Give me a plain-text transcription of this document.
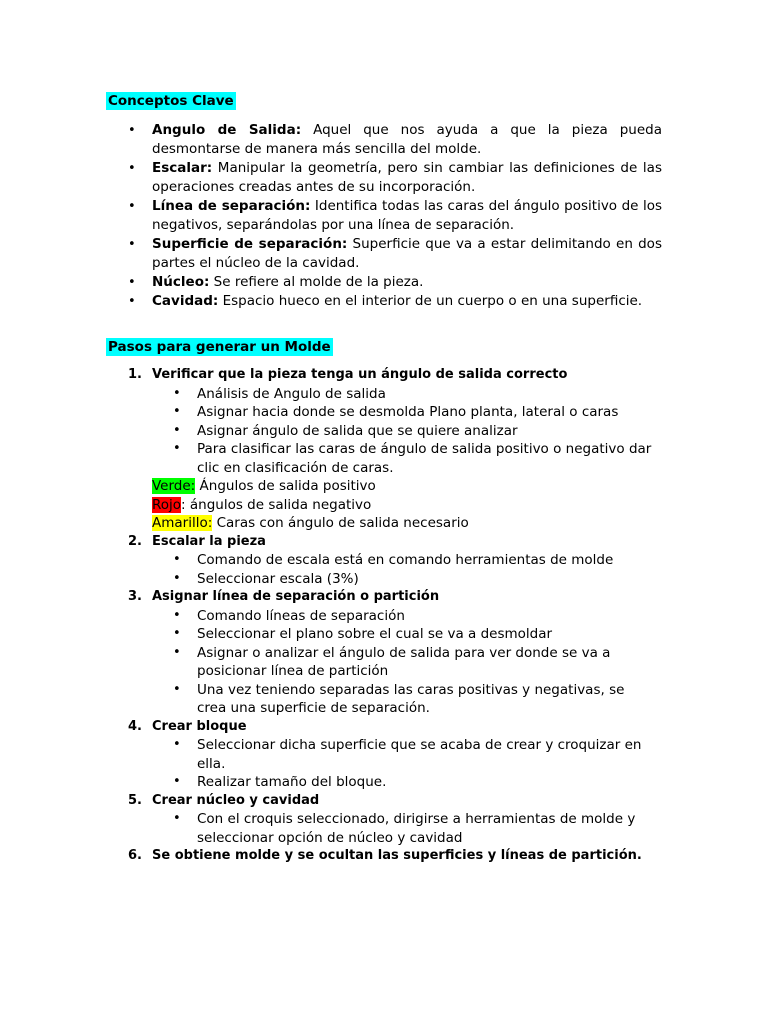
Conceptos Clave
• Angulo de Salida: Aquel que nos ayuda a que la pieza pueda desmontarse de manera más sencilla del molde.
• Escalar: Manipular la geometría, pero sin cambiar las definiciones de las operaciones creadas antes de su incorporación.
• Línea de separación: Identifica todas las caras del ángulo positivo de los negativos, separándolas por una línea de separación.
• Superficie de separación: Superficie que va a estar delimitando en dos partes el núcleo de la cavidad.
• Núcleo: Se refiere al molde de la pieza.
• Cavidad: Espacio hueco en el interior de un cuerpo o en una superficie.
Pasos para generar un Molde
1. Verificar que la pieza tenga un ángulo de salida correcto
• Análisis de Angulo de salida
• Asignar hacia donde se desmolda Plano planta, lateral o caras
• Asignar ángulo de salida que se quiere analizar
• Para clasificar las caras de ángulo de salida positivo o negativo dar clic en clasificación de caras.
Verde: Ángulos de salida positivo
Rojo: ángulos de salida negativo
Amarillo: Caras con ángulo de salida necesario
2. Escalar la pieza
• Comando de escala está en comando herramientas de molde
• Seleccionar escala (3%)
3. Asignar línea de separación o partición
• Comando líneas de separación
• Seleccionar el plano sobre el cual se va a desmoldar
• Asignar o analizar el ángulo de salida para ver donde se va a posicionar línea de partición
• Una vez teniendo separadas las caras positivas y negativas, se crea una superficie de separación.
4. Crear bloque
• Seleccionar dicha superficie que se acaba de crear y croquizar en ella.
• Realizar tamaño del bloque.
5. Crear núcleo y cavidad
• Con el croquis seleccionado, dirigirse a herramientas de molde y seleccionar opción de núcleo y cavidad
6. Se obtiene molde y se ocultan las superficies y líneas de partición.
